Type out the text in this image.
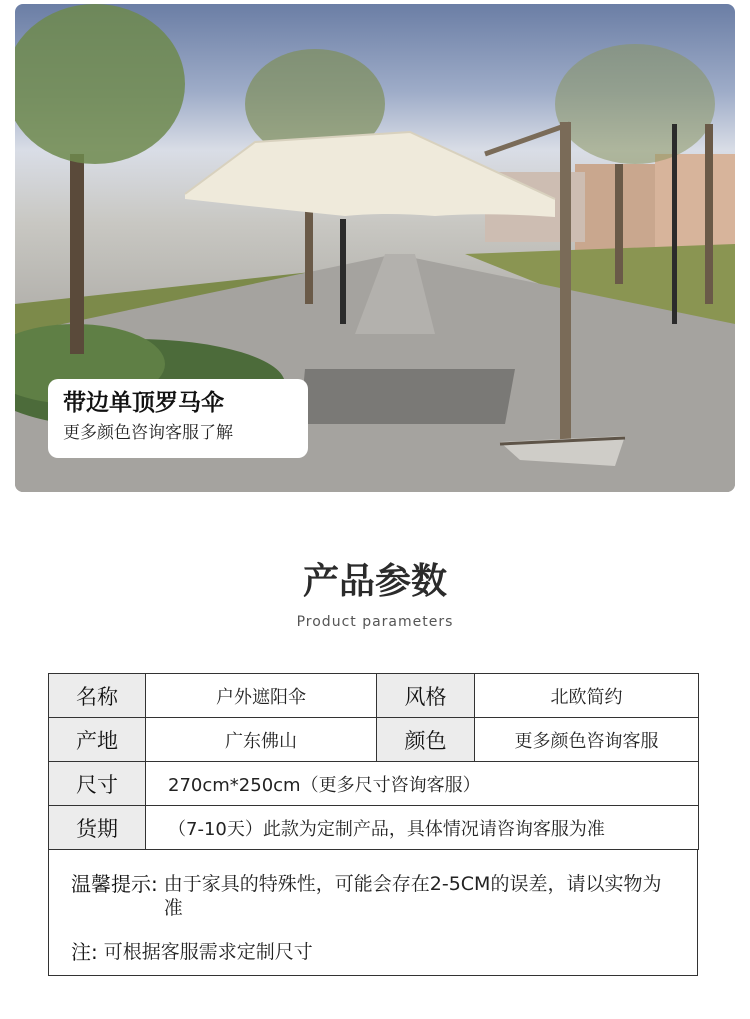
带边单顶罗马伞
更多颜色咨询客服了解
产品参数
Product parameters
名称	户外遮阳伞	风格	北欧简约
产地	广东佛山	颜色	更多颜色咨询客服
尺寸	270cm*250cm（更多尺寸咨询客服）		
货期	（7-10天）此款为定制产品，具体情况请咨询客服为准		
温馨提示: 由于家具的特殊性，可能会存在2-5CM的误差，请以实物为准
注: 可根据客服需求定制尺寸
